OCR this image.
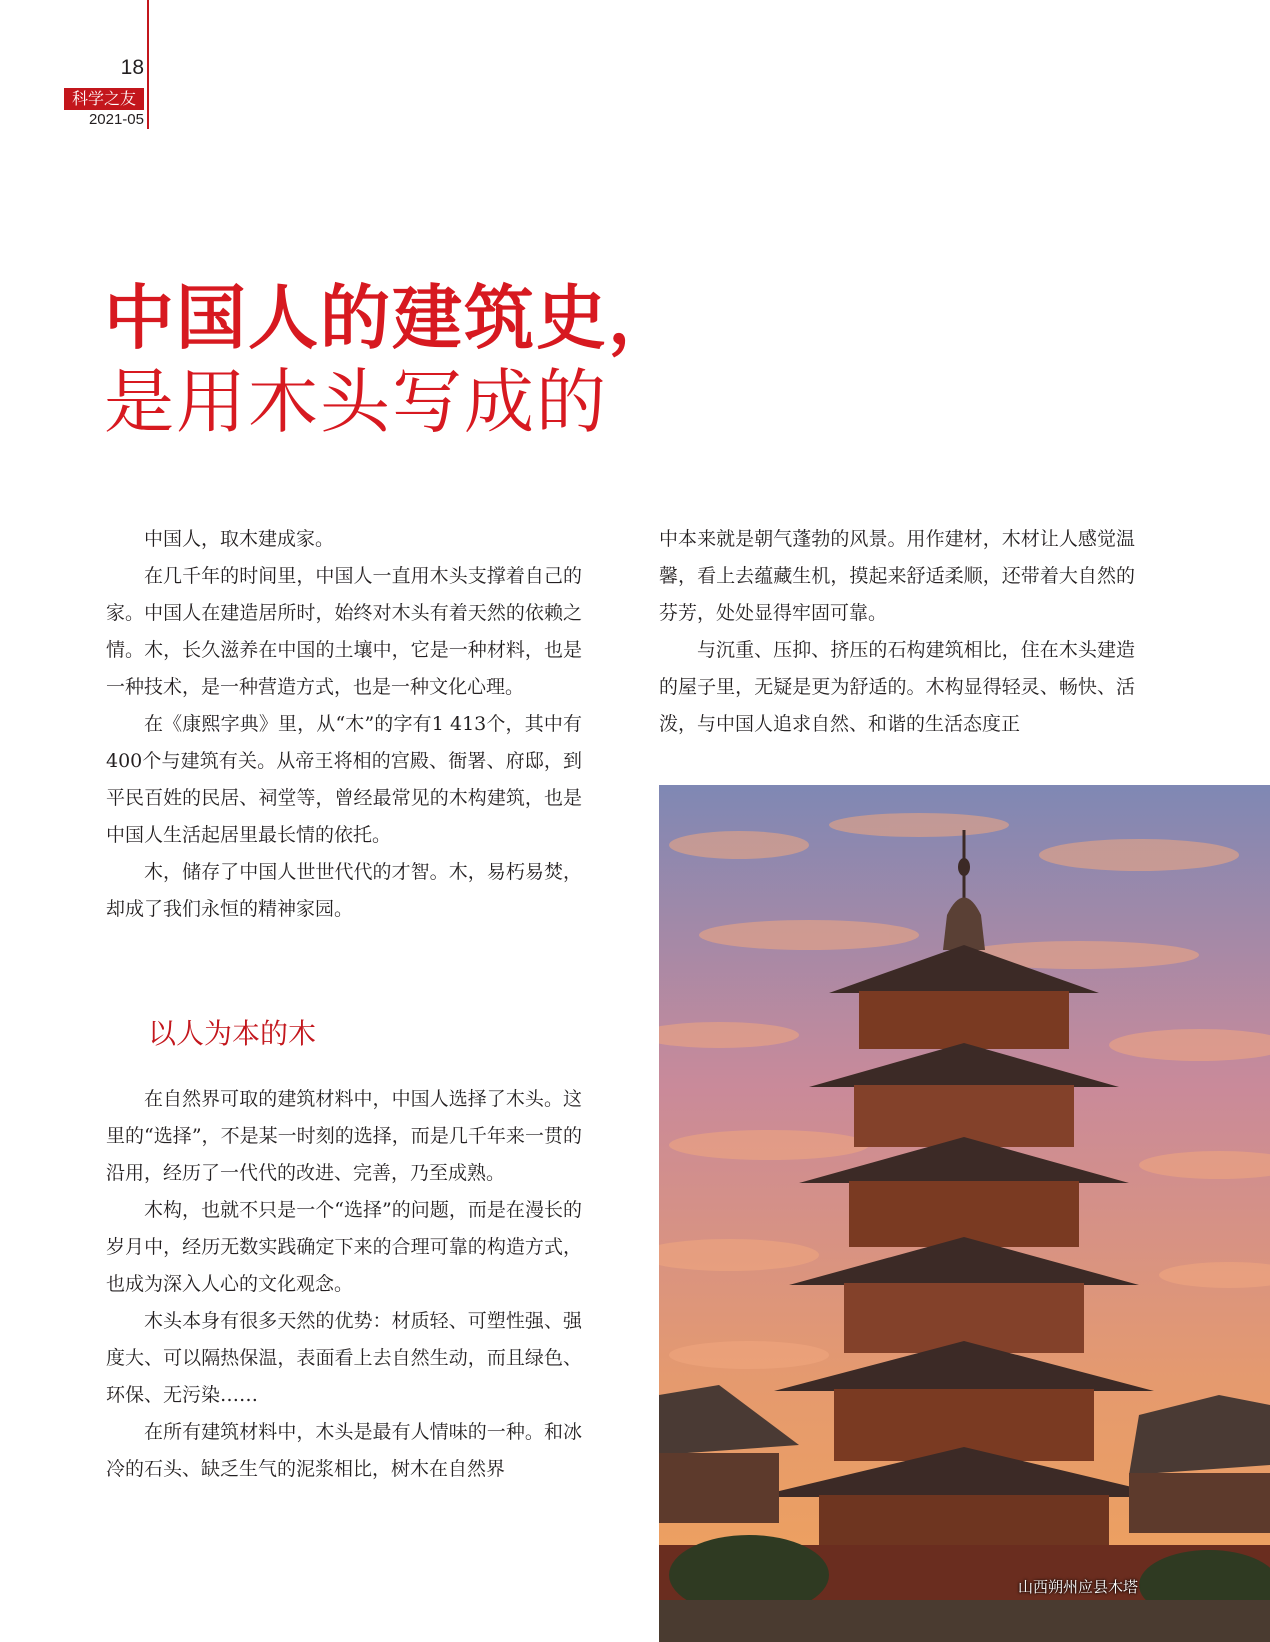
18
科学之友
2021-05
中国人的建筑史，
是用木头写成的

中国人，取木建成家。

在几千年的时间里，中国人一直用木头支撑着自己的家。中国人在建造居所时，始终对木头有着天然的依赖之情。木，长久滋养在中国的土壤中，它是一种材料，也是一种技术，是一种营造方式，也是一种文化心理。

在《康熙字典》里，从“木”的字有1 413个，其中有400个与建筑有关。从帝王将相的宫殿、衙署、府邸，到平民百姓的民居、祠堂等，曾经最常见的木构建筑，也是中国人生活起居里最长情的依托。

木，储存了中国人世世代代的才智。木，易朽易焚，却成了我们永恒的精神家园。

以人为本的木

在自然界可取的建筑材料中，中国人选择了木头。这里的“选择”，不是某一时刻的选择，而是几千年来一贯的沿用，经历了一代代的改进、完善，乃至成熟。

木构，也就不只是一个“选择”的问题，而是在漫长的岁月中，经历无数实践确定下来的合理可靠的构造方式，也成为深入人心的文化观念。

木头本身有很多天然的优势：材质轻、可塑性强、强度大、可以隔热保温，表面看上去自然生动，而且绿色、环保、无污染……

在所有建筑材料中，木头是最有人情味的一种。和冰冷的石头、缺乏生气的泥浆相比，树木在自然界

中本来就是朝气蓬勃的风景。用作建材，木材让人感觉温馨，看上去蕴藏生机，摸起来舒适柔顺，还带着大自然的芬芳，处处显得牢固可靠。

与沉重、压抑、挤压的石构建筑相比，住在木头建造的屋子里，无疑是更为舒适的。木构显得轻灵、畅快、活泼，与中国人追求自然、和谐的生活态度正

山西朔州应县木塔
